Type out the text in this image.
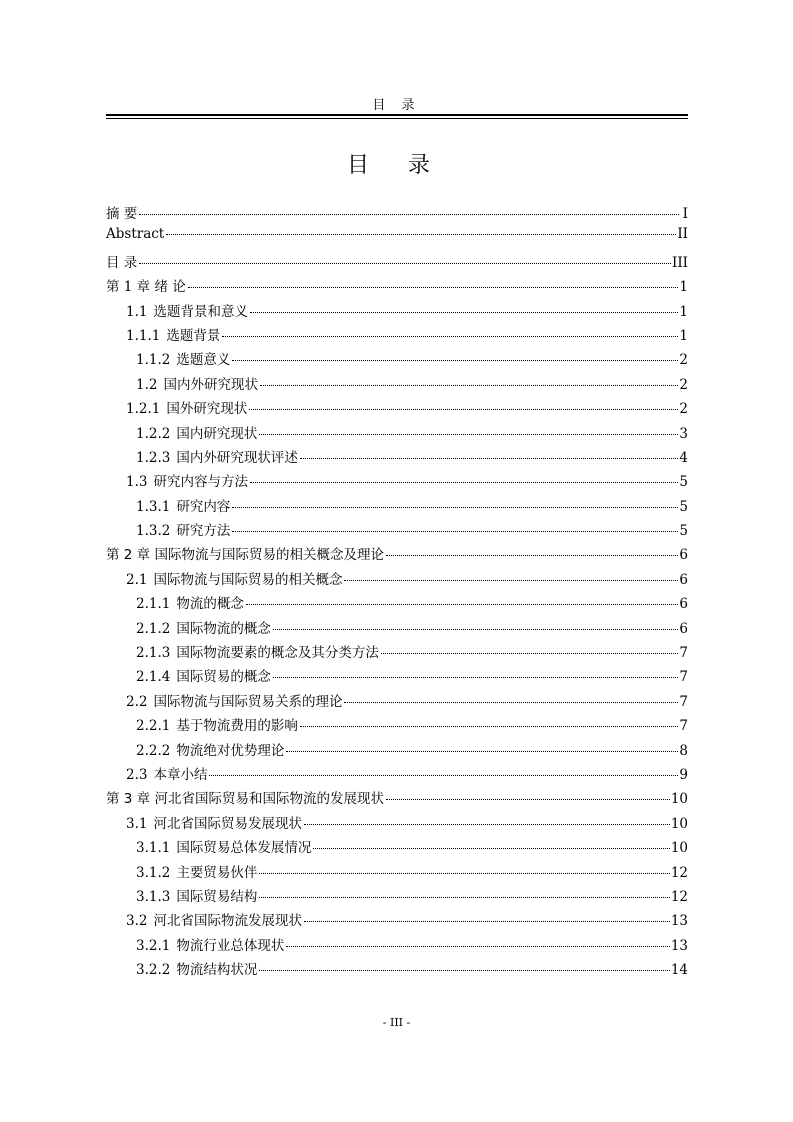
目 录
目 录
摘 要	I
Abstract	II
目 录	III
第 1 章 绪 论	1
1.1 选题背景和意义	1
1.1.1 选题背景	1
1.1.2 选题意义	2
1.2 国内外研究现状	2
1.2.1 国外研究现状	2
1.2.2 国内研究现状	3
1.2.3 国内外研究现状评述	4
1.3 研究内容与方法	5
1.3.1 研究内容	5
1.3.2 研究方法	5
第 2 章 国际物流与国际贸易的相关概念及理论	6
2.1 国际物流与国际贸易的相关概念	6
2.1.1 物流的概念	6
2.1.2 国际物流的概念	6
2.1.3 国际物流要素的概念及其分类方法	7
2.1.4 国际贸易的概念	7
2.2 国际物流与国际贸易关系的理论	7
2.2.1 基于物流费用的影响	7
2.2.2 物流绝对优势理论	8
2.3 本章小结	9
第 3 章 河北省国际贸易和国际物流的发展现状	10
3.1 河北省国际贸易发展现状	10
3.1.1 国际贸易总体发展情况	10
3.1.2 主要贸易伙伴	12
3.1.3 国际贸易结构	12
3.2 河北省国际物流发展现状	13
3.2.1 物流行业总体现状	13
3.2.2 物流结构状况	14
- III -
